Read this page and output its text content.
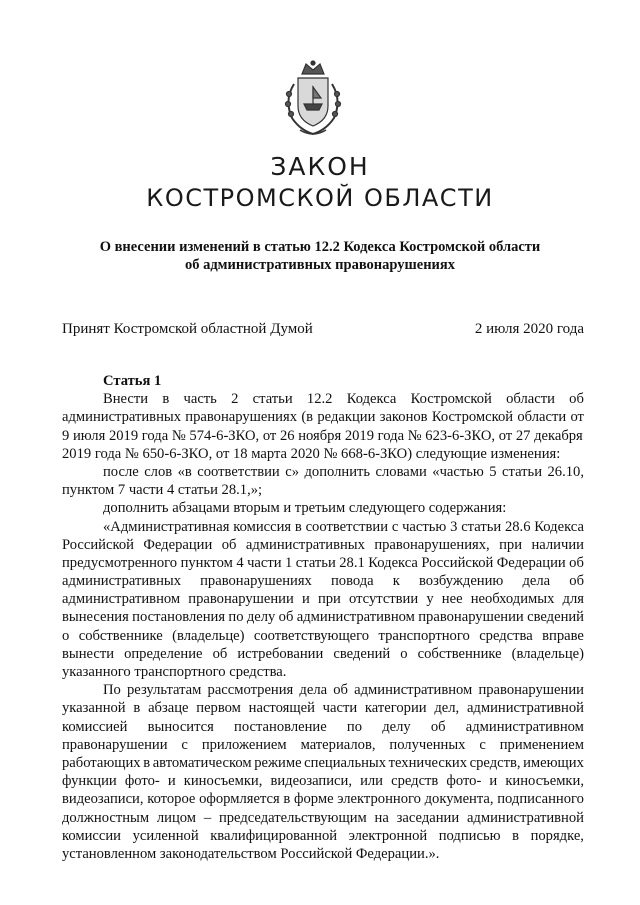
ЗАКОН
КОСТРОМСКОЙ ОБЛАСТИ
О внесении изменений в статью 12.2 Кодекса Костромской области
об административных правонарушениях
Принят Костромской областной Думой	2 июля 2020 года
Статья 1
Внести в часть 2 статьи 12.2 Кодекса Костромской области об
административных правонарушениях (в редакции законов Костромской области от
9 июля 2019 года № 574-6-ЗКО, от 26 ноября 2019 года № 623-6-ЗКО, от 27 декабря
2019 года № 650-6-ЗКО, от 18 марта 2020 № 668-6-ЗКО) следующие изменения:
после слов «в соответствии с» дополнить словами «частью 5 статьи 26.10,
пунктом 7 части 4 статьи 28.1,»;
дополнить абзацами вторым и третьим следующего содержания:
«Административная комиссия в соответствии с частью 3 статьи 28.6 Кодекса
Российской Федерации об административных правонарушениях, при наличии
предусмотренного пунктом 4 части 1 статьи 28.1 Кодекса Российской Федерации об
административных правонарушениях повода к возбуждению дела об
административном правонарушении и при отсутствии у нее необходимых для
вынесения постановления по делу об административном правонарушении сведений
о собственнике (владельце) соответствующего транспортного средства вправе
вынести определение об истребовании сведений о собственнике (владельце)
указанного транспортного средства.
По результатам рассмотрения дела об административном правонарушении
указанной в абзаце первом настоящей части категории дел, административной
комиссией выносится постановление по делу об административном
правонарушении с приложением материалов, полученных с применением
работающих в автоматическом режиме специальных технических средств, имеющих
функции фото- и киносъемки, видеозаписи, или средств фото- и киносъемки,
видеозаписи, которое оформляется в форме электронного документа, подписанного
должностным лицом – председательствующим на заседании административной
комиссии усиленной квалифицированной электронной подписью в порядке,
установленном законодательством Российской Федерации.».
